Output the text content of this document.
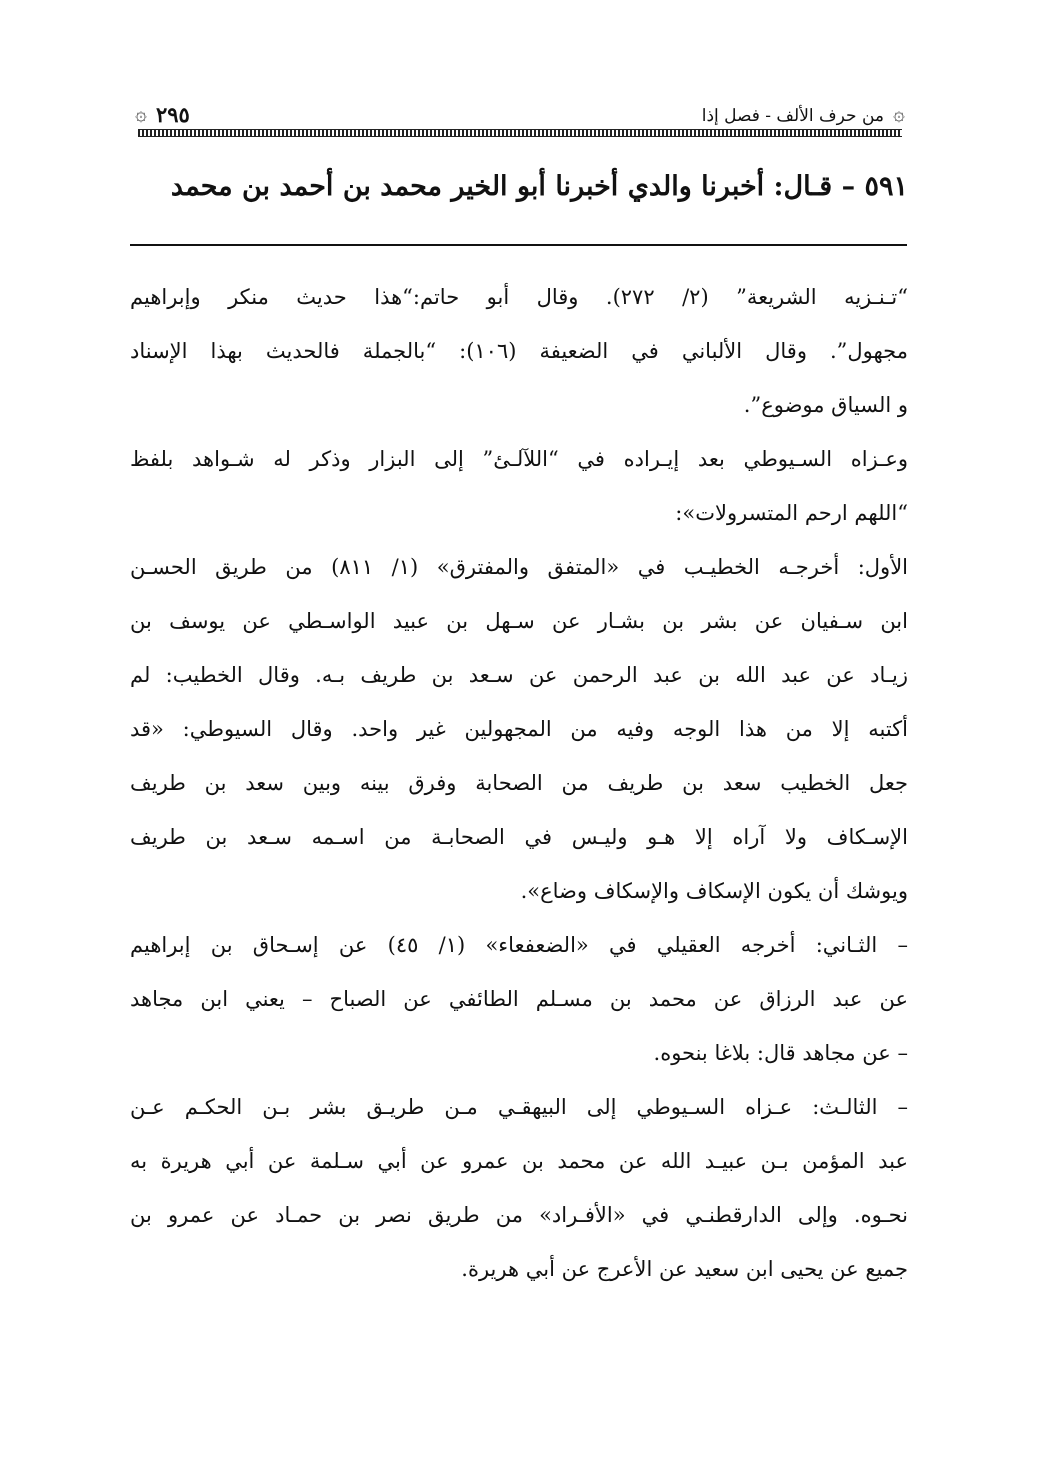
۞
من حرف الألف - فصل إذا
٢٩٥
۞
٥٩١ – قـال: أخبرنا والدي أخبرنا أبو الخير محمد بن أحمد بن محمد
“تـنـزيه الشريعة” (٢/ ٢٧٢). وقال أبو حاتم:“هذا حديث منكر وإبراهيم
مجهول”. وقال الألباني في الضعيفة (١٠٦): “بالجملة فالحديث بهذا الإسناد
و السياق موضوع”.
وعـزاه السـيوطي بعد إيـراده في “اللآلـئ” إلى البزار وذكر له شـواهد بلفظ
“اللهم ارحم المتسرولات»:
الأول: أخرجـه الخطيـب في «المتفق والمفترق» (١/ ٨١١) من طريق الحسـن
ابن سـفيان عن بشر بن بشـار عن سـهل بن عبيد الواسـطي عن يوسف بن
زيـاد عن عبد الله بن عبد الرحمن عن سـعد بن طريف بـه. وقال الخطيب: لم
أكتبه إلا من هذا الوجه وفيه من المجهولين غير واحد. وقال السيوطي: «قد
جعل الخطيب سعد بن طريف من الصحابة وفرق بينه وبين سعد بن طريف
الإسـكاف ولا آراه إلا هـو وليـس في الصحابـة من اسـمه سـعد بن طريف
ويوشك أن يكون الإسكاف والإسكاف وضاع».
– الثـاني: أخرجه العقيلي في «الضعفعاء» (١/ ٤٥) عن إسـحاق بن إبراهيم
عن عبد الرزاق عن محمد بن مسـلم الطائفي عن الصباح – يعني ابن مجاهد
– عن مجاهد قال: بلاغا بنحوه.
– الثالـث: عـزاه السـيوطي إلى البيهقـي مـن طريـق بشر بـن الحكـم عـن
عبد المؤمن بـن عبيـد الله عن محمد بن عمرو عن أبي سـلمة عن أبي هريرة به
نحـوه. وإلى الدارقطنـي في «الأفـراد» من طريق نصر بن حمـاد عن عمرو بن
جميع عن يحيى ابن سعيد عن الأعرج عن أبي هريرة.
